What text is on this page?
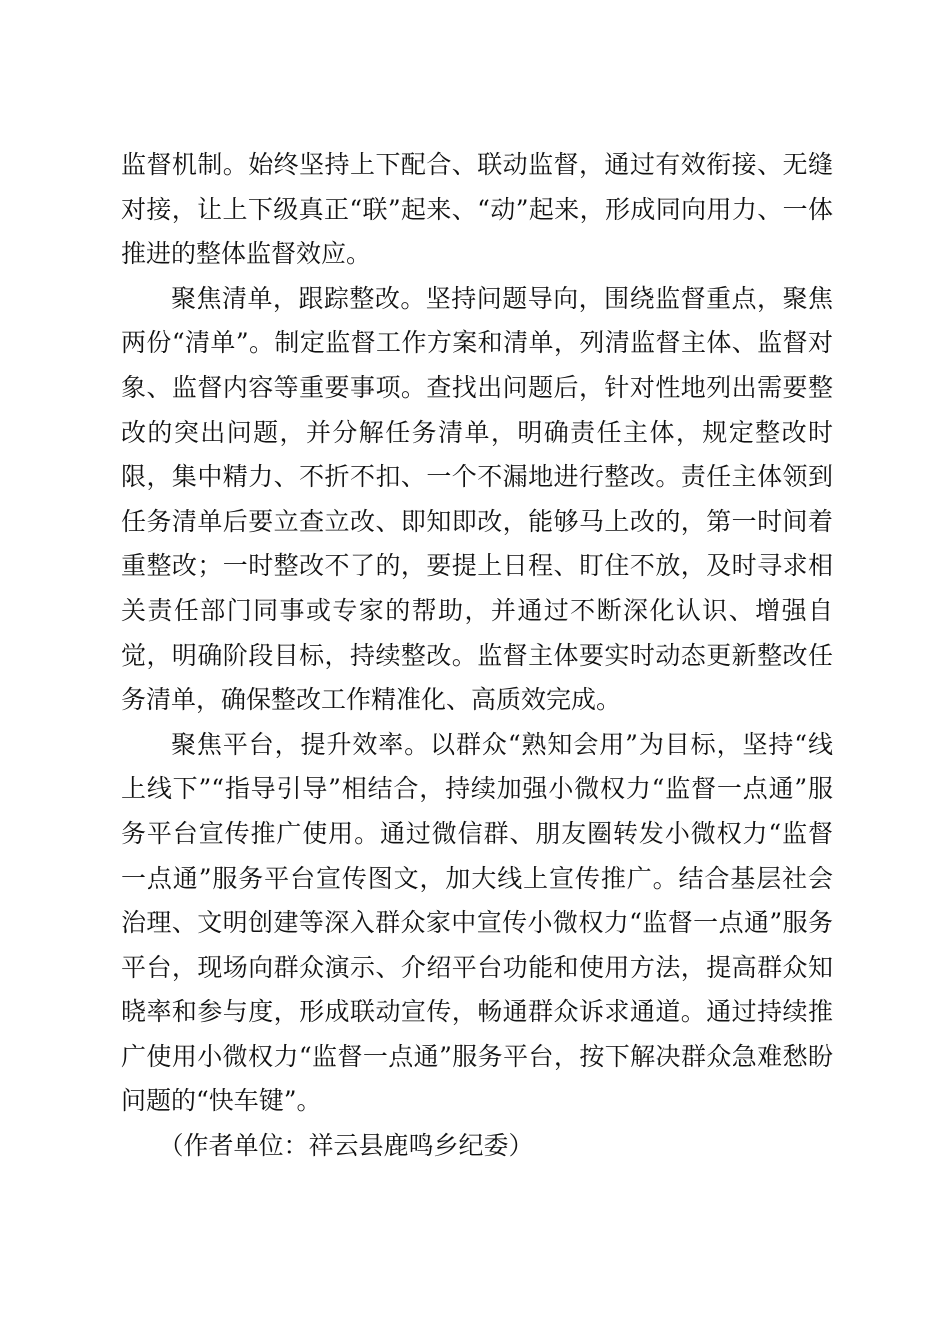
监督机制。始终坚持上下配合、联动监督，通过有效衔接、无缝对接，让上下级真正“联”起来、“动”起来，形成同向用力、一体推进的整体监督效应。

聚焦清单，跟踪整改。坚持问题导向，围绕监督重点，聚焦两份“清单”。制定监督工作方案和清单，列清监督主体、监督对象、监督内容等重要事项。查找出问题后，针对性地列出需要整改的突出问题，并分解任务清单，明确责任主体，规定整改时限，集中精力、不折不扣、一个不漏地进行整改。责任主体领到任务清单后要立查立改、即知即改，能够马上改的，第一时间着重整改；一时整改不了的，要提上日程、盯住不放，及时寻求相关责任部门同事或专家的帮助，并通过不断深化认识、增强自觉，明确阶段目标，持续整改。监督主体要实时动态更新整改任务清单，确保整改工作精准化、高质效完成。

聚焦平台，提升效率。以群众“熟知会用”为目标，坚持“线上线下”“指导引导”相结合，持续加强小微权力“监督一点通”服务平台宣传推广使用。通过微信群、朋友圈转发小微权力“监督一点通”服务平台宣传图文，加大线上宣传推广。结合基层社会治理、文明创建等深入群众家中宣传小微权力“监督一点通”服务平台，现场向群众演示、介绍平台功能和使用方法，提高群众知晓率和参与度，形成联动宣传，畅通群众诉求通道。通过持续推广使用小微权力“监督一点通”服务平台，按下解决群众急难愁盼问题的“快车键”。

（作者单位：祥云县鹿鸣乡纪委）
